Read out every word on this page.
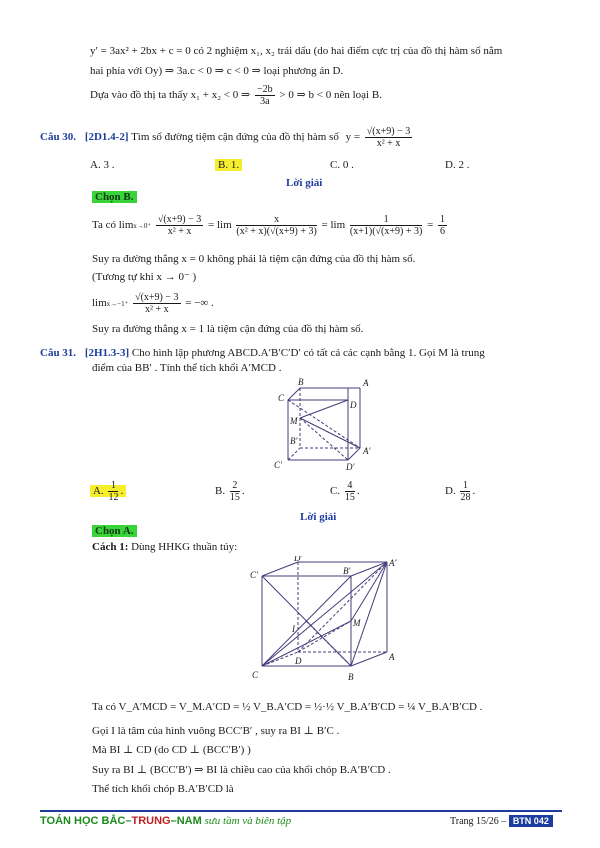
y′ = 3ax² + 2bx + c = 0 có 2 nghiệm x₁, x₂ trái dấu (do hai điểm cực trị của đồ thị hàm số nằm
hai phía với Oy) ⇒ 3a.c < 0 ⇒ c < 0 ⇒ loại phương án D.
Dựa vào đồ thị ta thấy x₁ + x₂ < 0 ⇒ $\frac{-2b}{3a} > 0$ ⇒ b < 0 nên loại B.
Câu 30. [2D1.4-2] Tìm số đường tiệm cận đứng của đồ thị hàm số $y = \frac{√(x+9) - 3}{\text{x² + x}}$
A. 3 .	B. 1.	C. 0 .	D. 2 .
Lời giải
Chọn B.
Ta có $\lim x\to 0^+ \frac{√(x+9) - 3}{\text{x² + x}} = \lim \frac{x}{\text{(x² + x)(√(x+9) + 3)}} = \lim \frac{1}{(x+1)(√(x+9) + 3)} = \frac{1}{6}$
Suy ra đường thẳng x = 0 không phải là tiệm cận đứng của đồ thị hàm số.
(Tương tự khi x → 0⁻ )
$\lim x\to-1^+ \frac{√(x+9) - 3}{\text{x² + x}}$ = −∞ .
Suy ra đường thẳng x = 1 là tiệm cận đứng của đồ thị hàm số.
Câu 31. [2H1.3-3] Cho hình lập phương ABCD.A′B′C′D′ có tất cả các cạnh bằng 1. Gọi M là trung
điểm của BB′ . Tính thể tích khối A′MCD .
B	A
C
D
M
B′
A′
C′	D′
A. $\frac{1}{12}$ .	B. $\frac{2}{15}$ .	C. $\frac{4}{15}$ .	D. $\frac{1}{28}$ .
Lời giải
Chọn A.
Cách 1: Dùng HHKG thuần túy:
D′
C′	B′
A′
I
M
D
C	B
A
Ta có V_A′MCD = V_M.A′CD = ½ V_B.A′CD = ½·½ V_B.A′B′CD = ¼ V_B.A′B′CD .
Gọi I là tâm của hình vuông BCC′B′ , suy ra BI ⊥ B′C .
Mà BI ⊥ CD (do CD ⊥ (BCC′B′) )
Suy ra BI ⊥ (BCC′B′) ⇒ BI là chiều cao của khối chóp B.A′B′CD .
Thể tích khối chóp B.A′B′CD là
TOÁN HỌC BẮC–TRUNG–NAM sưu tầm và biên tập	Trang 15/26 – BTN 042
